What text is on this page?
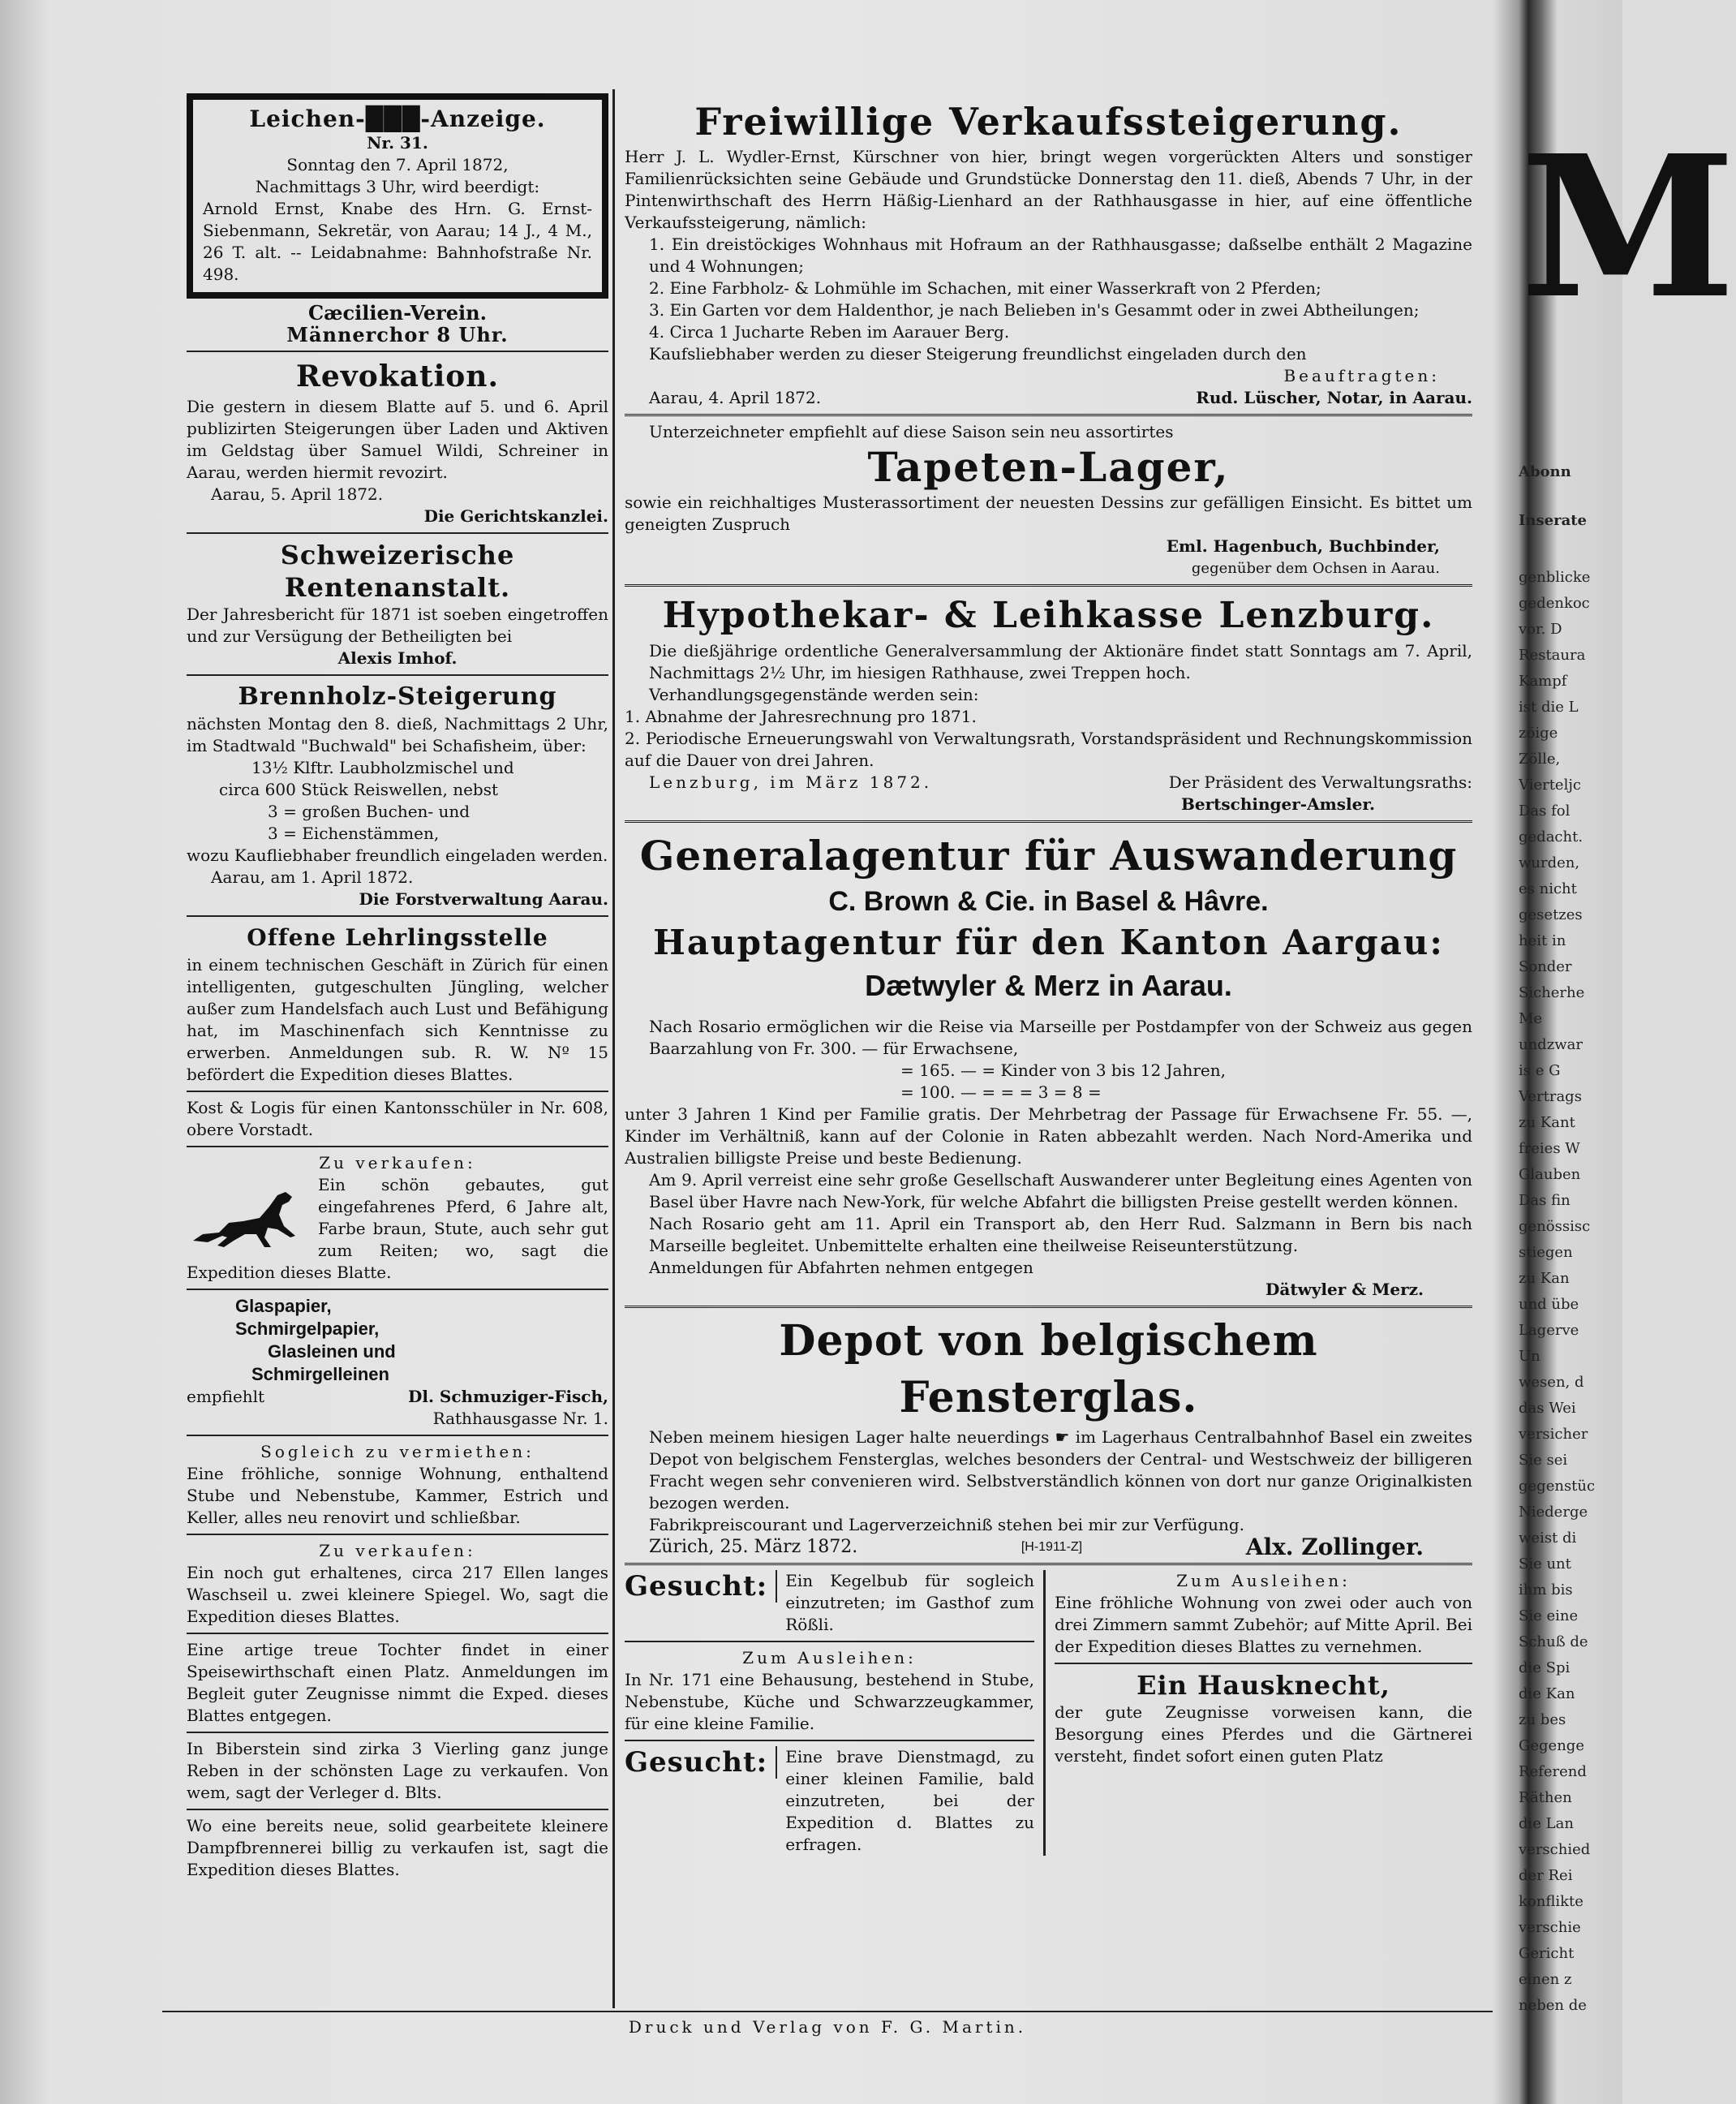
Leichen-███-Anzeige.

Nr. 31.

Sonntag den 7. April 1872,

Nachmittags 3 Uhr, wird beerdigt:

Arnold Ernst, Knabe des Hrn. G. Ernst-Siebenmann, Sekretär, von Aarau; 14 J., 4 M., 26 T. alt. -- Leidabnahme: Bahnhofstraße Nr. 498.

Cæcilien-Verein.

Männerchor 8 Uhr.

Revokation.

Die gestern in diesem Blatte auf 5. und 6. April publizirten Steigerungen über Laden und Aktiven im Geldstag über Samuel Wildi, Schreiner in Aarau, werden hiermit revozirt.

Aarau, 5. April 1872.

Die Gerichtskanzlei.

Schweizerische Rentenanstalt.

Der Jahresbericht für 1871 ist soeben eingetroffen und zur Versügung der Betheiligten bei

Alexis Imhof.

Brennholz-Steigerung

nächsten Montag den 8. dieß, Nachmittags 2 Uhr, im Stadtwald "Buchwald" bei Schafisheim, über:

13½ Klftr. Laubholzmischel und

circa 600 Stück Reiswellen, nebst

3 = großen Buchen- und

3 = Eichenstämmen,

wozu Kaufliebhaber freundlich eingeladen werden.

Aarau, am 1. April 1872.

Die Forstverwaltung Aarau.

Offene Lehrlingsstelle

in einem technischen Geschäft in Zürich für einen intelligenten, gutgeschulten Jüngling, welcher außer zum Handelsfach auch Lust und Befähigung hat, im Maschinenfach sich Kenntnisse zu erwerben. Anmeldungen sub. R. W. Nº 15 befördert die Expedition dieses Blattes.

Kost & Logis für einen Kantonsschüler in Nr. 608, obere Vorstadt.

Zu verkaufen:

Ein schön gebautes, gut eingefahrenes Pferd, 6 Jahre alt, Farbe braun, Stute, auch sehr gut zum Reiten; wo, sagt die Expedition dieses Blatte.

Glaspapier,

Schmirgelpapier,

Glasleinen und

Schmirgelleinen

empfiehlt	Dl. Schmuziger-Fisch,

Rathhausgasse Nr. 1.

Sogleich zu vermiethen:

Eine fröhliche, sonnige Wohnung, enthaltend Stube und Nebenstube, Kammer, Estrich und Keller, alles neu renovirt und schließbar.

Zu verkaufen:

Ein noch gut erhaltenes, circa 217 Ellen langes Waschseil u. zwei kleinere Spiegel. Wo, sagt die Expedition dieses Blattes.

Eine artige treue Tochter findet in einer Speisewirthschaft einen Platz. Anmeldungen im Begleit guter Zeugnisse nimmt die Exped. dieses Blattes entgegen.

In Biberstein sind zirka 3 Vierling ganz junge Reben in der schönsten Lage zu verkaufen. Von wem, sagt der Verleger d. Blts.

Wo eine bereits neue, solid gearbeitete kleinere Dampfbrennerei billig zu verkaufen ist, sagt die Expedition dieses Blattes.

Freiwillige Verkaufssteigerung.

Herr J. L. Wydler-Ernst, Kürschner von hier, bringt wegen vorgerückten Alters und sonstiger Familienrücksichten seine Gebäude und Grundstücke Donnerstag den 11. dieß, Abends 7 Uhr, in der Pintenwirthschaft des Herrn Häßig-Lienhard an der Rathhausgasse in hier, auf eine öffentliche Verkaufssteigerung, nämlich:

1. Ein dreistöckiges Wohnhaus mit Hofraum an der Rathhausgasse; daßselbe enthält 2 Magazine und 4 Wohnungen;

2. Eine Farbholz- & Lohmühle im Schachen, mit einer Wasserkraft von 2 Pferden;

3. Ein Garten vor dem Haldenthor, je nach Belieben in's Gesammt oder in zwei Abtheilungen;

4. Circa 1 Jucharte Reben im Aarauer Berg.

Kaufsliebhaber werden zu dieser Steigerung freundlichst eingeladen durch den

Beauftragten:

Aarau, 4. April 1872.	Rud. Lüscher, Notar, in Aarau.

Unterzeichneter empfiehlt auf diese Saison sein neu assortirtes

Tapeten-Lager,

sowie ein reichhaltiges Musterassortiment der neuesten Dessins zur gefälligen Einsicht. Es bittet um geneigten Zuspruch

Eml. Hagenbuch, Buchbinder,

gegenüber dem Ochsen in Aarau.

Hypothekar- & Leihkasse Lenzburg.

Die dießjährige ordentliche Generalversammlung der Aktionäre findet statt Sonntags am 7. April, Nachmittags 2½ Uhr, im hiesigen Rathhause, zwei Treppen hoch.

Verhandlungsgegenstände werden sein:

1. Abnahme der Jahresrechnung pro 1871.

2. Periodische Erneuerungswahl von Verwaltungsrath, Vorstandspräsident und Rechnungskommission auf die Dauer von drei Jahren.

Lenzburg, im März 1872.	Der Präsident des Verwaltungsraths:

Bertschinger-Amsler.

Generalagentur für Auswanderung

C. Brown & Cie. in Basel & Hâvre.

Hauptagentur für den Kanton Aargau:

Dætwyler & Merz in Aarau.

Nach Rosario ermöglichen wir die Reise via Marseille per Postdampfer von der Schweiz aus gegen Baarzahlung von Fr. 300. — für Erwachsene,

= 165. — = Kinder von 3 bis 12 Jahren,

= 100. — = = = 3 = 8 =

unter 3 Jahren 1 Kind per Familie gratis. Der Mehrbetrag der Passage für Erwachsene Fr. 55. —, Kinder im Verhältniß, kann auf der Colonie in Raten abbezahlt werden. Nach Nord-Amerika und Australien billigste Preise und beste Bedienung.

Am 9. April verreist eine sehr große Gesellschaft Auswanderer unter Begleitung eines Agenten von Basel über Havre nach New-York, für welche Abfahrt die billigsten Preise gestellt werden können.

Nach Rosario geht am 11. April ein Transport ab, den Herr Rud. Salzmann in Bern bis nach Marseille begleitet. Unbemittelte erhalten eine theilweise Reiseunterstützung.

Anmeldungen für Abfahrten nehmen entgegen

Dätwyler & Merz.

Depot von belgischem Fensterglas.

Neben meinem hiesigen Lager halte neuerdings ☛ im Lagerhaus Centralbahnhof Basel ein zweites Depot von belgischem Fensterglas, welches besonders der Central- und Westschweiz der billigeren Fracht wegen sehr convenieren wird. Selbstverständlich können von dort nur ganze Originalkisten bezogen werden.

Fabrikpreiscourant und Lagerverzeichniß stehen bei mir zur Verfügung.

Zürich, 25. März 1872.	[H-1911-Z]	Alx. Zollinger.
Gesucht:	Ein Kegelbub für sogleich einzutreten; im Gasthof zum Rößli.

Zum Ausleihen:

In Nr. 171 eine Behausung, bestehend in Stube, Nebenstube, Küche und Schwarzzeugkammer, für eine kleine Familie.

Gesucht:	Eine brave Dienstmagd, zu einer kleinen Familie, bald einzutreten, bei der Expedition d. Blattes zu erfragen.

Zum Ausleihen:

Eine fröhliche Wohnung von zwei oder auch von drei Zimmern sammt Zubehör; auf Mitte April. Bei der Expedition dieses Blattes zu vernehmen.

Ein Hausknecht,

der gute Zeugnisse vorweisen kann, die Besorgung eines Pferdes und die Gärtnerei versteht, findet sofort einen guten Platz

Druck und Verlag von F. G. Martin.
M
Abonn
Inserate
genblicke
gedenkoc
vor. D
Restaura
Kampf
ist die L
zöige
Zölle,
Vierteljc
Das fol
gedacht.
wurden,
es nicht
gesetzes
heit in
Sonder
Sicherhe
Me
undzwar
is e G
Vertrags
zu Kant
freies W
Glauben
Das fin
genössisc
stiegen
zu Kan
und übe
Lagerve
Un
wesen, d
das Wei
versicher
Sie sei
gegenstüc
Niederge
weist di
Sie unt
ihm bis
Sie eine
Schuß de
die Spi
die Kan
zu bes
Gegenge
Referend
Räthen
die Lan
verschied
der Rei
konflikte
verschie
Gericht
einen z
neben de
